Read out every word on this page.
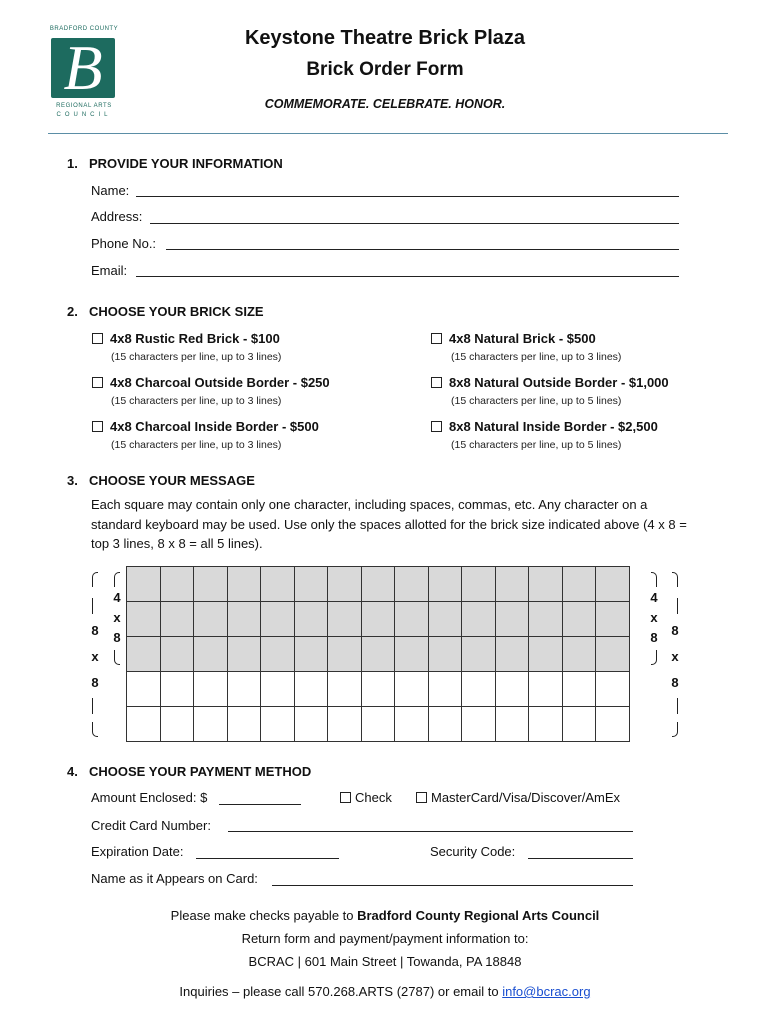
BRADFORD COUNTY
B
REGIONAL ARTS
COUNCIL
Keystone Theatre Brick Plaza
Brick Order Form
COMMEMORATE. CELEBRATE. HONOR.
1. PROVIDE YOUR INFORMATION
Name:
Address:
Phone No.:
Email:
2. CHOOSE YOUR BRICK SIZE
4x8 Rustic Red Brick - $100
(15 characters per line, up to 3 lines)
4x8 Natural Brick - $500
(15 characters per line, up to 3 lines)
4x8 Charcoal Outside Border - $250
(15 characters per line, up to 3 lines)
8x8 Natural Outside Border - $1,000
(15 characters per line, up to 5 lines)
4x8 Charcoal Inside Border - $500
(15 characters per line, up to 3 lines)
8x8 Natural Inside Border - $2,500
(15 characters per line, up to 5 lines)
3. CHOOSE YOUR MESSAGE
Each square may contain only one character, including spaces, commas, etc. Any character on a standard keyboard may be used. Use only the spaces allotted for the brick size indicated above (4 x 8 = top 3 lines, 8 x 8 = all 5 lines).
8
x
8
4
x
8

4
x
8 8
x
8
4. CHOOSE YOUR PAYMENT METHOD
Amount Enclosed: $	Check	MasterCard/Visa/Discover/AmEx
Credit Card Number:
Expiration Date:	Security Code:
Name as it Appears on Card:
Please make checks payable to Bradford County Regional Arts Council
Return form and payment/payment information to:
BCRAC | 601 Main Street | Towanda, PA 18848
Inquiries – please call 570.268.ARTS (2787) or email to info@bcrac.org
